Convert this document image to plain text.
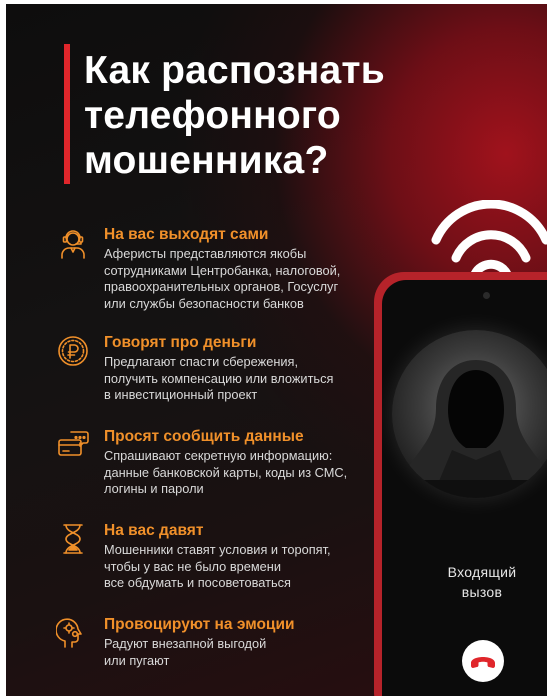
Как распознать
телефонного
мошенника?
На вас выходят сами
Аферисты представляются якобы
сотрудниками Центробанка, налоговой,
правоохранительных органов, Госуслуг
или службы безопасности банков
Говорят про деньги
Предлагают спасти сбережения,
получить компенсацию или вложиться
в инвестиционный проект
Просят сообщить данные
Спрашивают секретную информацию:
данные банковской карты, коды из СМС,
логины и пароли
На вас давят
Мошенники ставят условия и торопят,
чтобы у вас не было времени
все обдумать и посоветоваться
Провоцируют на эмоции
Радуют внезапной выгодой
или пугают
Входящий
вызов
